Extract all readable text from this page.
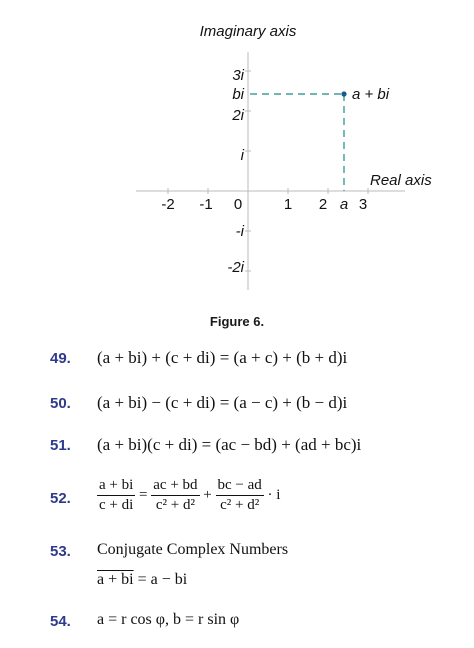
Imaginary axis
Real axis
-2 -1 0	1 2 a 3
3i
bi
2i
i
-i
-2i
a + bi
Figure 6.
49. (a + bi) + (c + di) = (a + c) + (b + d)i
50. (a + bi) − (c + di) = (a − c) + (b − d)i
51. (a + bi)(c + di) = (ac − bd) + (ad + bc)i
52. $\frac{a + bi}{c + di} = \frac{ac + bd}{\text{c² + d²}} + \frac{bc - ad}{\text{c² + d²}} \cdot i$
53. Conjugate Complex Numbers
a + bi = a − bi
54. a = r cos φ, b = r sin φ
